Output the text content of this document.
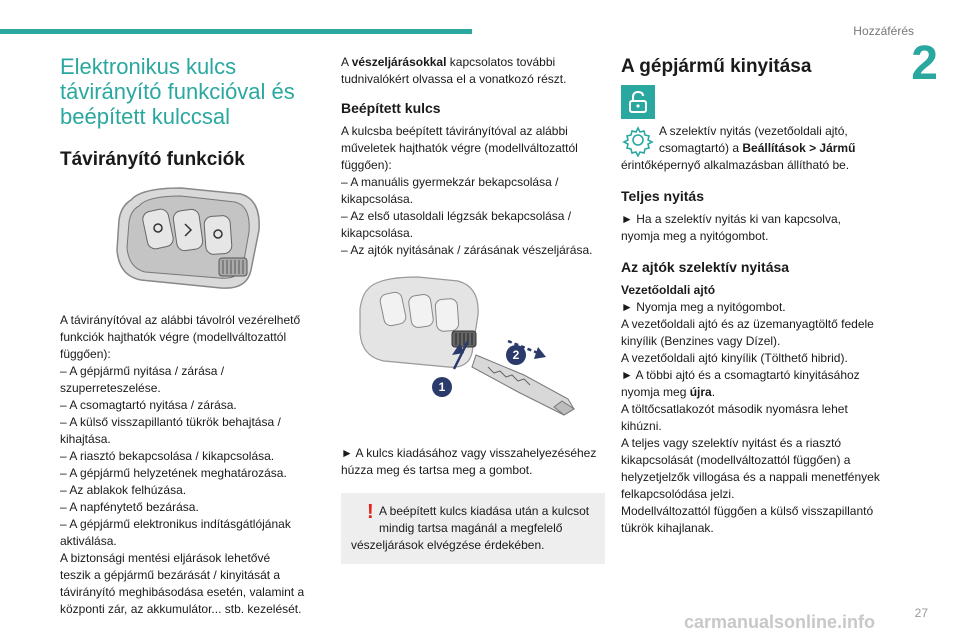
Hozzáférés
2
27
carmanualsonline.info
Elektronikus kulcs
távirányító funkcióval és
beépített kulccsal
Távirányító funkciók
A távirányítóval az alábbi távolról vezérelhető
funkciók hajthatók végre (modellváltozattól
függően):
– A gépjármű nyitása / zárása /
szuperreteszelése.
– A csomagtartó nyitása / zárása.
– A külső visszapillantó tükrök behajtása /
kihajtása.
– A riasztó bekapcsolása / kikapcsolása.
– A gépjármű helyzetének meghatározása.
– Az ablakok felhúzása.
– A napfénytető bezárása.
– A gépjármű elektronikus indításgátlójának
aktiválása.
A biztonsági mentési eljárások lehetővé
teszik a gépjármű bezárását / kinyitását a
távirányító meghibásodása esetén, valamint a
központi zár, az akkumulátor... stb. kezelését.
A vészeljárásokkal kapcsolatos további
tudnivalókért olvassa el a vonatkozó részt.
Beépített kulcs
A kulcsba beépített távirányítóval az alábbi
műveletek hajthatók végre (modellváltozattól
függően):
– A manuális gyermekzár bekapcsolása /
kikapcsolása.
– Az első utasoldali légzsák bekapcsolása /
kikapcsolása.
– Az ajtók nyitásának / zárásának vészeljárása.
1
2
► A kulcs kiadásához vagy visszahelyezéséhez
húzza meg és tartsa meg a gombot.
! A beépített kulcs kiadása után a kulcsot
mindig tartsa magánál a megfelelő
vészeljárások elvégzése érdekében.
A gépjármű kinyitása
A szelektív nyitás (vezetőoldali ajtó,
csomagtartó) a Beállítások > Jármű
érintőképernyő alkalmazásban állítható be.
Teljes nyitás
► Ha a szelektív nyitás ki van kapcsolva,
nyomja meg a nyitógombot.
Az ajtók szelektív nyitása
Vezetőoldali ajtó
► Nyomja meg a nyitógombot.
A vezetőoldali ajtó és az üzemanyagtöltő fedele
kinyílik (Benzines vagy Dízel).
A vezetőoldali ajtó kinyílik (Tölthető hibrid).
► A többi ajtó és a csomagtartó kinyitásához
nyomja meg újra.
A töltőcsatlakozót második nyomásra lehet
kihúzni.
A teljes vagy szelektív nyitást és a riasztó
kikapcsolását (modellváltozattól függően) a
helyzetjelzők villogása és a nappali menetfények
felkapcsolódása jelzi.
Modellváltozattól függően a külső visszapillantó
tükrök kihajlanak.
